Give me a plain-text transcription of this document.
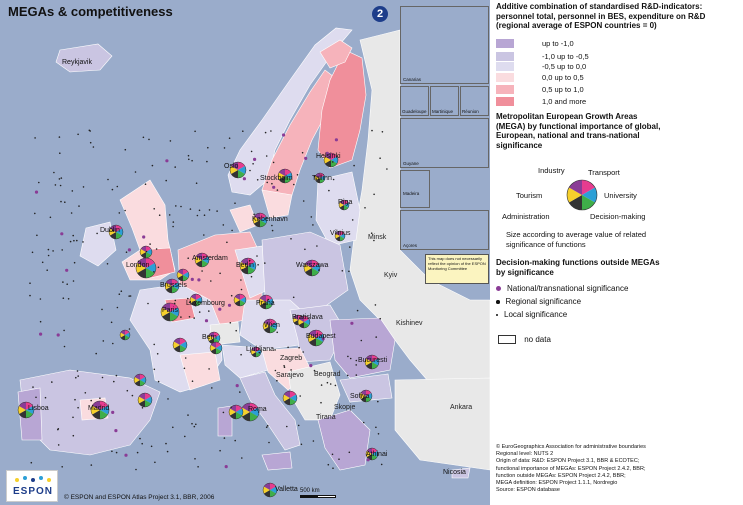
MEGAs & competitiveness	2
Reykjavik
Oslo
Stockholm
Helsinki
Tallinn
Riga
København
Vilnius
Minsk
Dublin
London
Amsterdam
Berlin	Warszawa
Kyiv
Brussels
Luxembourg	Praha
Paris
Wien
Bratislava
Kishinev
Bern	Budapest
Ljubljana
Zagreb	Bucuresti
Sarajevo Beograd
Sofiya
Lisboa	Madrid	Roma	Skopje
Tirana
Ankara
Athinai
Valletta
Nicosia
Canarias
Guadeloupe Martinique Réunion
Guyane
Madeira
Açores
This map does not necessarily reflect the opinion of the ESPON Monitoring Committee
500 km
ESPON
© ESPON and ESPON Atlas Project 3.1, BBR, 2006
Additive combination of standardised R&D-indicators: personnel total, personnel in BES, expenditure on R&D (regional average of ESPON countries = 0)
up to -1,0
-1,0 up to -0,5
-0,5 up to 0,0
0,0 up to 0,5
0,5 up to 1,0
1,0 and more
Metropolitan European Growth Areas (MEGA) by functional importance of global, European, national and trans-national significance
Industry	Transport
Tourism	University
Administration	Decision-making
Size according to average value of related significance of functions
Decision-making functions outside MEGAs by significance
National/transnational significance
Regional significance
Local significance
no data
© EuroGeographics Association for administrative boundaries
Regional level: NUTS 2
Origin of data: R&D: ESPON Project 3.1, BBR & ECOTEC;
functional importance of MEGAs: ESPON Project 2.4.2, BBR;
function outside MEGAs: ESPON Project 2.4.2, BBR;
MEGA definition: ESPON Project 1.1.1, Nordregio
Source: ESPON database
